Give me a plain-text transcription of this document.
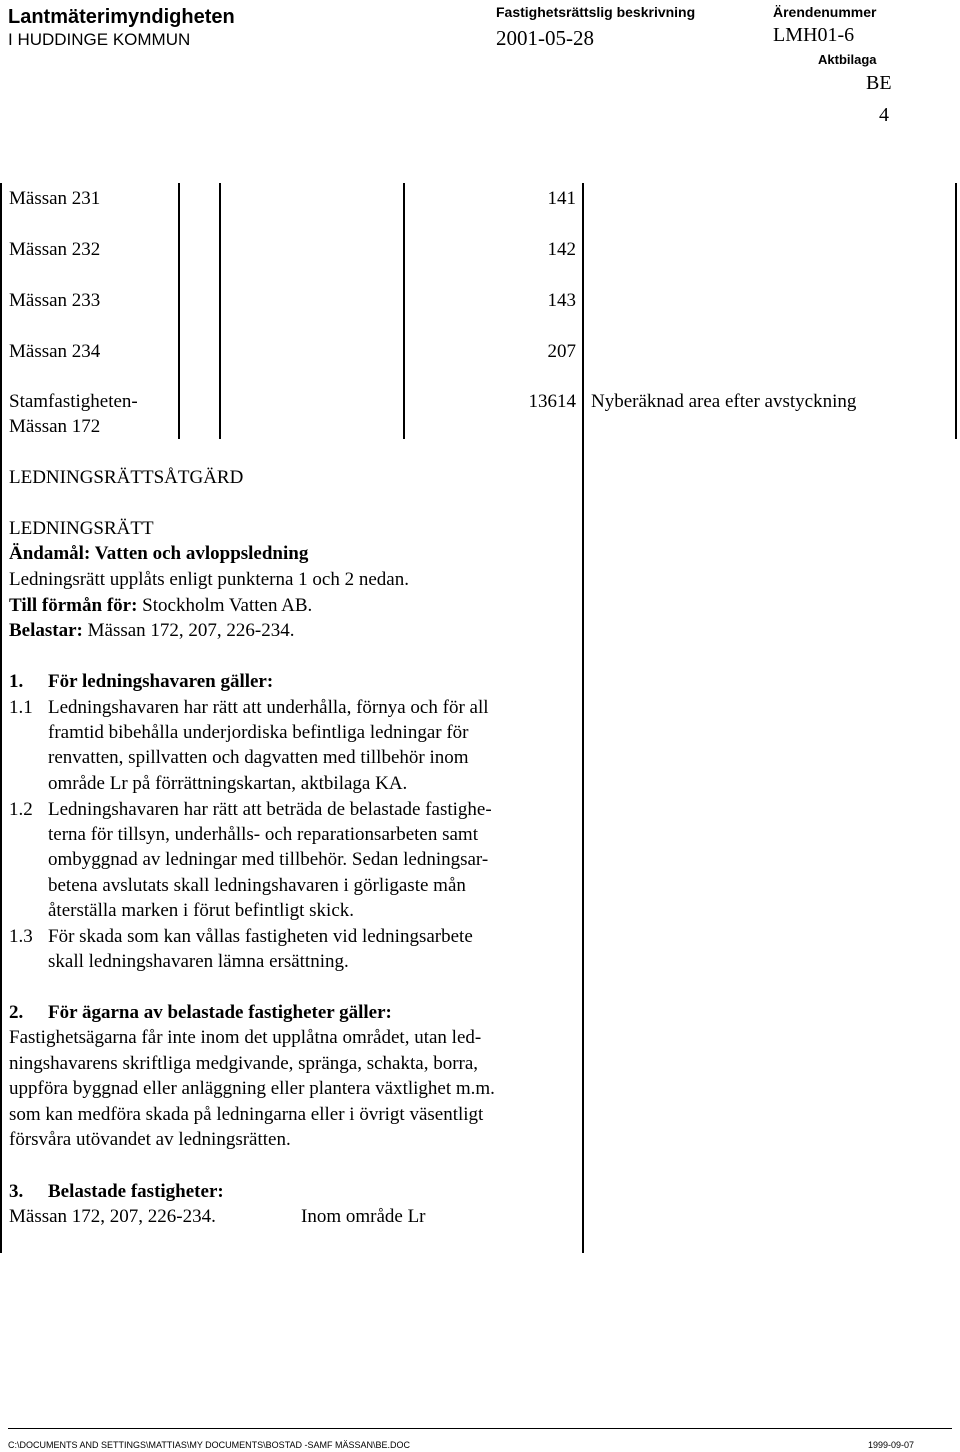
Lantmäterimyndigheten
I HUDDINGE KOMMUN
Fastighetsrättslig beskrivning
2001-05-28
Ärendenummer
LMH01-6
Aktbilaga
BE
4
Mässan 231	141
Mässan 232	142
Mässan 233	143
Mässan 234	207
Stamfastigheten-
Mässan 172
13614 Nyberäknad area efter avstyckning
LEDNINGSRÄTTSÅTGÄRD
LEDNINGSRÄTT
Ändamål: Vatten och avloppsledning
Ledningsrätt upplåts enligt punkterna 1 och 2 nedan.
Till förmån för: Stockholm Vatten AB.
Belastar: Mässan 172, 207, 226-234.
1. För ledningshavaren gäller:
1.1 Ledningshavaren har rätt att underhålla, förnya och för all
framtid bibehålla underjordiska befintliga ledningar för
renvatten, spillvatten och dagvatten med tillbehör inom
område Lr på förrättningskartan, aktbilaga KA.
1.2 Ledningshavaren har rätt att beträda de belastade fastighe-
terna för tillsyn, underhålls- och reparationsarbeten samt
ombyggnad av ledningar med tillbehör. Sedan ledningsar-
betena avslutats skall ledningshavaren i görligaste mån
återställa marken i förut befintligt skick.
1.3 För skada som kan vållas fastigheten vid ledningsarbete
skall ledningshavaren lämna ersättning.
2. För ägarna av belastade fastigheter gäller:
Fastighetsägarna får inte inom det upplåtna området, utan led-
ningshavarens skriftliga medgivande, spränga, schakta, borra,
uppföra byggnad eller anläggning eller plantera växtlighet m.m.
som kan medföra skada på ledningarna eller i övrigt väsentligt
försvåra utövandet av ledningsrätten.
3. Belastade fastigheter:
Mässan 172, 207, 226-234.	Inom område Lr
C:\DOCUMENTS AND SETTINGS\MATTIAS\MY DOCUMENTS\BOSTAD -SAMF MÄSSAN\BE.DOC	1999-09-07
